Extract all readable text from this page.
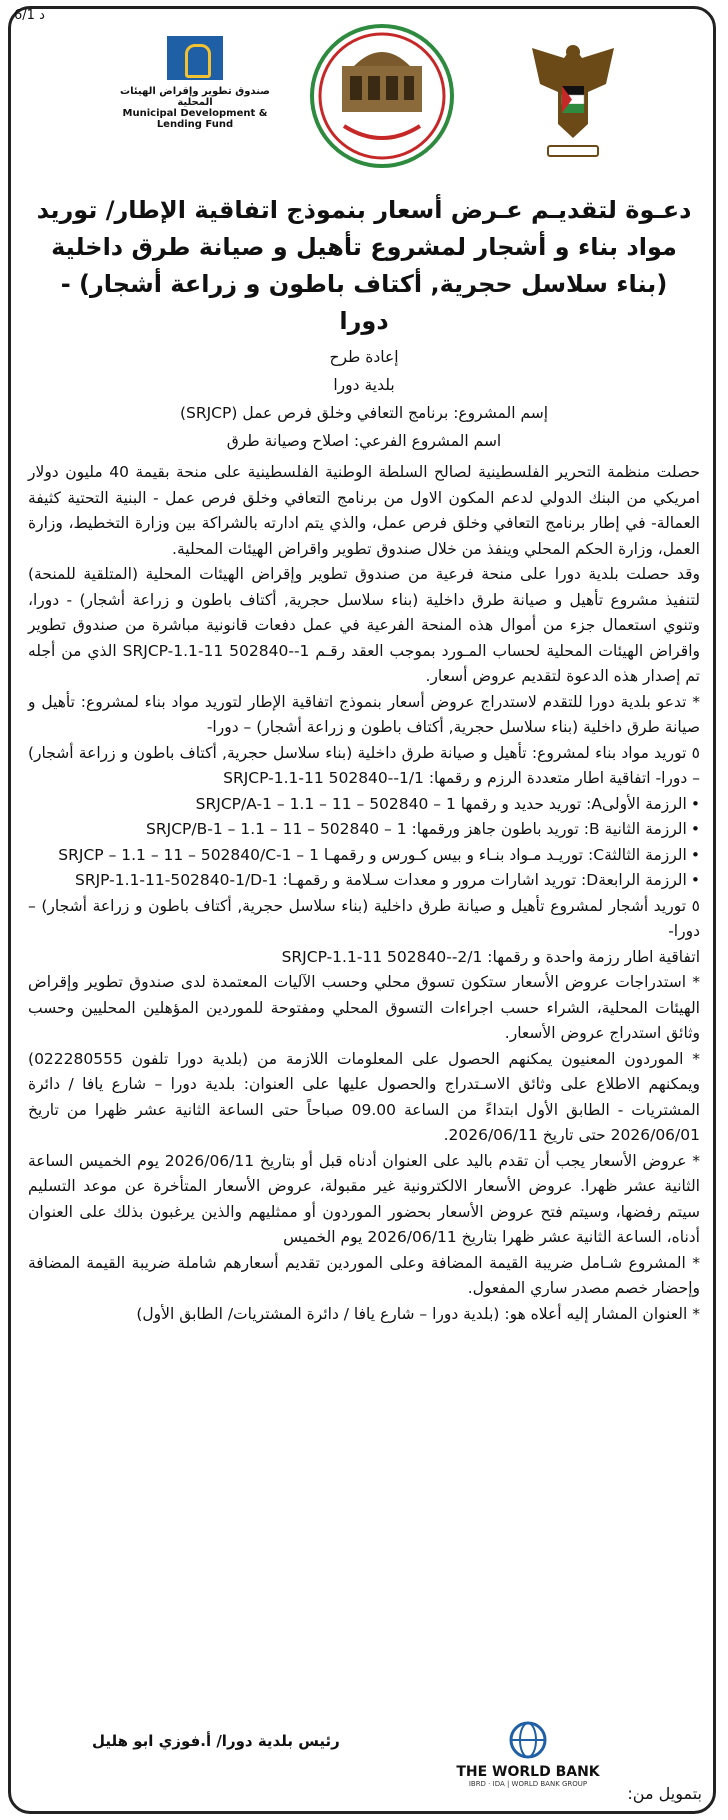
6/1 د
صندوق تطوير وإقراض الهيئات المحلية
Municipal Development & Lending Fund
دعـوة لتقديـم عـرض أسعار بنموذج اتفاقية الإطار/ توريد مواد بناء و أشجار لمشروع تأهيل و صيانة طرق داخلية (بناء سلاسل حجرية, أكتاف باطون و زراعة أشجار) - دورا
إعادة طرح
بلدية دورا
إسم المشروع: برنامج التعافي وخلق فرص عمل (SRJCP)
اسم المشروع الفرعي: اصلاح وصيانة طرق

حصلت منظمة التحرير الفلسطينية لصالح السلطة الوطنية الفلسطينية على منحة بقيمة 40 مليون دولار امريكي من البنك الدولي لدعم المكون الاول من برنامج التعافي وخلق فرص عمل - البنية التحتية كثيفة العمالة- في إطار برنامج التعافي وخلق فرص عمل، والذي يتم ادارته بالشراكة بين وزارة التخطيط، وزارة العمل، وزارة الحكم المحلي وينفذ من خلال صندوق تطوير واقراض الهيئات المحلية.

وقد حصلت بلدية دورا على منحة فرعية من صندوق تطوير وإقراض الهيئات المحلية (المتلقية للمنحة) لتنفيذ مشروع تأهيل و صيانة طرق داخلية (بناء سلاسل حجرية, أكتاف باطون و زراعة أشجار) - دورا، وتنوي استعمال جزء من أموال هذه المنحة الفرعية في عمل دفعات قانونية مباشرة من صندوق تطوير واقراض الهيئات المحلية لحساب المـورد بموجب العقد رقـم SRJCP-1.1-11 502840--1 الذي من أجله تم إصدار هذه الدعوة لتقديم عروض أسعار.

* تدعو بلدية دورا للتقدم لاستدراج عروض أسعار بنموذج اتفاقية الإطار لتوريد مواد بناء لمشروع: تأهيل و صيانة طرق داخلية (بناء سلاسل حجرية, أكتاف باطون و زراعة أشجار) – دورا-

٥ توريد مواد بناء لمشروع: تأهيل و صيانة طرق داخلية (بناء سلاسل حجرية, أكتاف باطون و زراعة أشجار) – دورا- اتفاقية اطار متعددة الرزم و رقمها: SRJCP-1.1-11 502840--1/1

•
الرزمة الأولىA: توريد حديد و رقمها 1 – 502840 – 11 – 1.1 – SRJCP/A-1
•
الرزمة الثانية B: توريد باطون جاهز ورقمها: 1 – 502840 – 11 – 1.1 – SRJCP/B-1
•
الرزمة الثالثةC: توريـد مـواد بنـاء و بيس كـورس و رقمهـا SRJCP – 1.1 – 11 – 502840/C-1 – 1
•
الرزمة الرابعةD: توريد اشارات مرور و معدات سـلامة و رقمهـا: SRJP-1.1-11-502840-1/D-1

٥ توريد أشجار لمشروع تأهيل و صيانة طرق داخلية (بناء سلاسل حجرية, أكتاف باطون و زراعة أشجار) – دورا-

اتفاقية اطار رزمة واحدة و رقمها: SRJCP-1.1-11 502840--2/1

* استدراجات عروض الأسعار ستكون تسوق محلي وحسب الآليات المعتمدة لدى صندوق تطوير وإقراض الهيئات المحلية، الشراء حسب اجراءات التسوق المحلي ومفتوحة للموردين المؤهلين المحليين وحسب وثائق استدراج عروض الأسعار.

* الموردون المعنيون يمكنهم الحصول على المعلومات اللازمة من (بلدية دورا تلفون 022280555) ويمكنهم الاطلاع على وثائق الاسـتدراج والحصول عليها على العنوان: بلدية دورا – شارع يافا / دائرة المشتريات - الطابق الأول ابتداءً من الساعة 09.00 صباحاً حتى الساعة الثانية عشر ظهرا من تاريخ 2026/06/01 حتى تاريخ 2026/06/11.

* عروض الأسعار يجب أن تقدم باليد على العنوان أدناه قبل أو بتاريخ 2026/06/11 يوم الخميس الساعة الثانية عشر ظهرا. عروض الأسعار الالكترونية غير مقبولة، عروض الأسعار المتأخرة عن موعد التسليم سيتم رفضها، وسيتم فتح عروض الأسعار بحضور الموردون أو ممثليهم والذين يرغبون بذلك على العنوان أدناه، الساعة الثانية عشر ظهرا بتاريخ 2026/06/11 يوم الخميس

* المشروع شـامل ضريبة القيمة المضافة وعلى الموردين تقديم أسعارهم شاملة ضريبة القيمة المضافة وإحضار خصم مصدر ساري المفعول.

* العنوان المشار إليه أعلاه هو: (بلدية دورا – شارع يافا / دائرة المشتريات/ الطابق الأول)

رئيس بلدية دورا/ أ.فوزي ابو هليل
THE WORLD BANK
IBRD · IDA | WORLD BANK GROUP	بتمويل من:
